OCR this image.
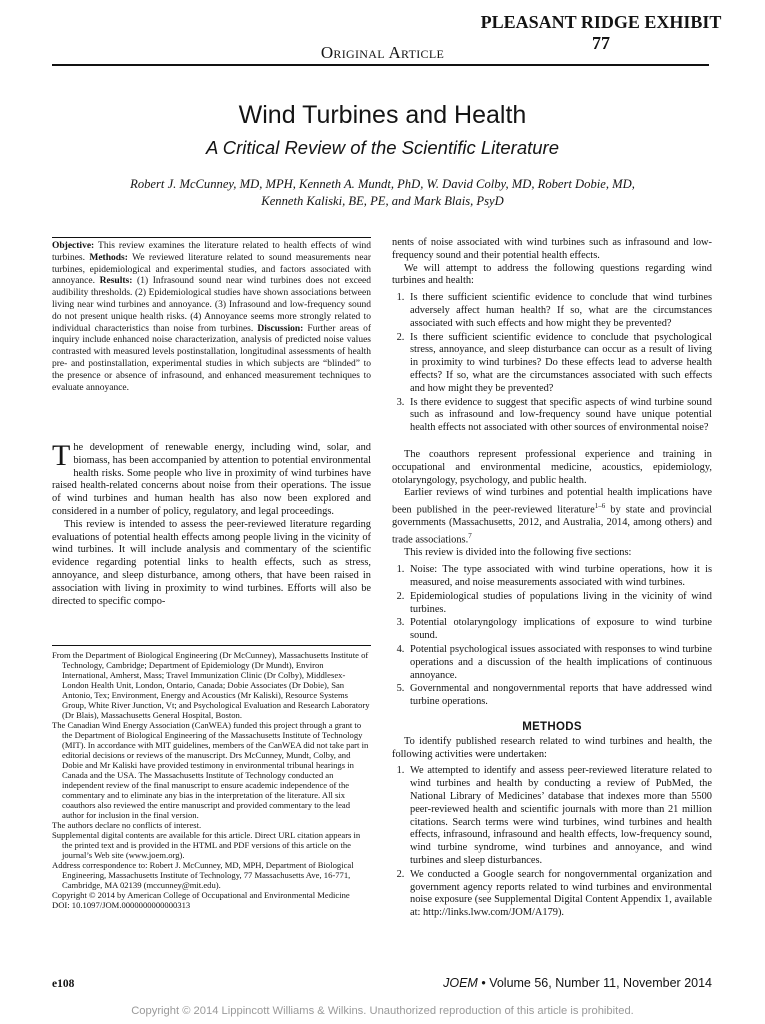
PLEASANT RIDGE EXHIBIT
77
Original Article
Wind Turbines and Health
A Critical Review of the Scientific Literature
Robert J. McCunney, MD, MPH, Kenneth A. Mundt, PhD, W. David Colby, MD, Robert Dobie, MD,
Kenneth Kaliski, BE, PE, and Mark Blais, PsyD
Objective: This review examines the literature related to health effects of wind turbines. Methods: We reviewed literature related to sound measurements near turbines, epidemiological and experimental studies, and factors associated with annoyance. Results: (1) Infrasound sound near wind turbines does not exceed audibility thresholds. (2) Epidemiological studies have shown associations between living near wind turbines and annoyance. (3) Infrasound and low-frequency sound do not present unique health risks. (4) Annoyance seems more strongly related to individual characteristics than noise from turbines. Discussion: Further areas of inquiry include enhanced noise characterization, analysis of predicted noise values contrasted with measured levels postinstallation, longitudinal assessments of health pre- and postinstallation, experimental studies in which subjects are “blinded” to the presence or absence of infrasound, and enhanced measurement techniques to evaluate annoyance.

The development of renewable energy, including wind, solar, and biomass, has been accompanied by attention to potential environmental health risks. Some people who live in proximity of wind turbines have raised health-related concerns about noise from their operations. The issue of wind turbines and human health has also now been explored and considered in a number of policy, regulatory, and legal proceedings.

This review is intended to assess the peer-reviewed literature regarding evaluations of potential health effects among people living in the vicinity of wind turbines. It will include analysis and commentary of the scientific evidence regarding potential links to health effects, such as stress, annoyance, and sleep disturbance, among others, that have been raised in association with living in proximity to wind turbines. Efforts will also be directed to specific compo-

From the Department of Biological Engineering (Dr McCunney), Massachusetts Institute of Technology, Cambridge; Department of Epidemiology (Dr Mundt), Environ International, Amherst, Mass; Travel Immunization Clinic (Dr Colby), Middlesex-London Health Unit, London, Ontario, Canada; Dobie Associates (Dr Dobie), San Antonio, Tex; Environment, Energy and Acoustics (Mr Kaliski), Resource Systems Group, White River Junction, Vt; and Psychological Evaluation and Research Laboratory (Dr Blais), Massachusetts General Hospital, Boston.

The Canadian Wind Energy Association (CanWEA) funded this project through a grant to the Department of Biological Engineering of the Massachusetts Institute of Technology (MIT). In accordance with MIT guidelines, members of the CanWEA did not take part in editorial decisions or reviews of the manuscript. Drs McCunney, Mundt, Colby, and Dobie and Mr Kaliski have provided testimony in environmental tribunal hearings in Canada and the USA. The Massachusetts Institute of Technology conducted an independent review of the final manuscript to ensure academic independence of the commentary and to eliminate any bias in the interpretation of the literature. All six coauthors also reviewed the entire manuscript and provided commentary to the lead author for inclusion in the final version.

The authors declare no conflicts of interest.

Supplemental digital contents are available for this article. Direct URL citation appears in the printed text and is provided in the HTML and PDF versions of this article on the journal’s Web site (www.joem.org).

Address correspondence to: Robert J. McCunney, MD, MPH, Department of Biological Engineering, Massachusetts Institute of Technology, 77 Massachusetts Ave, 16-771, Cambridge, MA 02139 (mccunney@mit.edu).

Copyright © 2014 by American College of Occupational and Environmental Medicine

DOI: 10.1097/JOM.0000000000000313

nents of noise associated with wind turbines such as infrasound and low-frequency sound and their potential health effects.

We will attempt to address the following questions regarding wind turbines and health:

1. Is there sufficient scientific evidence to conclude that wind turbines adversely affect human health? If so, what are the circumstances associated with such effects and how might they be prevented?
2. Is there sufficient scientific evidence to conclude that psychological stress, annoyance, and sleep disturbance can occur as a result of living in proximity to wind turbines? Do these effects lead to adverse health effects? If so, what are the circumstances associated with such effects and how might they be prevented?
3. Is there evidence to suggest that specific aspects of wind turbine sound such as infrasound and low-frequency sound have unique potential health effects not associated with other sources of environmental noise?

The coauthors represent professional experience and training in occupational and environmental medicine, acoustics, epidemiology, otolaryngology, psychology, and public health.

Earlier reviews of wind turbines and potential health implications have been published in the peer-reviewed literature$^{1-6}$ by state and provincial governments (Massachusetts, 2012, and Australia, 2014, among others) and trade associations.$^7$

This review is divided into the following five sections:

1. Noise: The type associated with wind turbine operations, how it is measured, and noise measurements associated with wind turbines.
2. Epidemiological studies of populations living in the vicinity of wind turbines.
3. Potential otolaryngology implications of exposure to wind turbine sound.
4. Potential psychological issues associated with responses to wind turbine operations and a discussion of the health implications of continuous annoyance.
5. Governmental and nongovernmental reports that have addressed wind turbine operations.
METHODS

To identify published research related to wind turbines and health, the following activities were undertaken:

1. We attempted to identify and assess peer-reviewed literature related to wind turbines and health by conducting a review of PubMed, the National Library of Medicines’ database that indexes more than 5500 peer-reviewed health and scientific journals with more than 21 million citations. Search terms were wind turbines, wind turbines and health effects, infrasound, infrasound and health effects, low-frequency sound, wind turbine syndrome, wind turbines and annoyance, and wind turbines and sleep disturbances.
2. We conducted a Google search for nongovernmental organization and government agency reports related to wind turbines and environmental noise exposure (see Supplemental Digital Content Appendix 1, available at: http://links.lww.com/JOM/A179).
e108	JOEM • Volume 56, Number 11, November 2014
Copyright © 2014 Lippincott Williams & Wilkins. Unauthorized reproduction of this article is prohibited.
